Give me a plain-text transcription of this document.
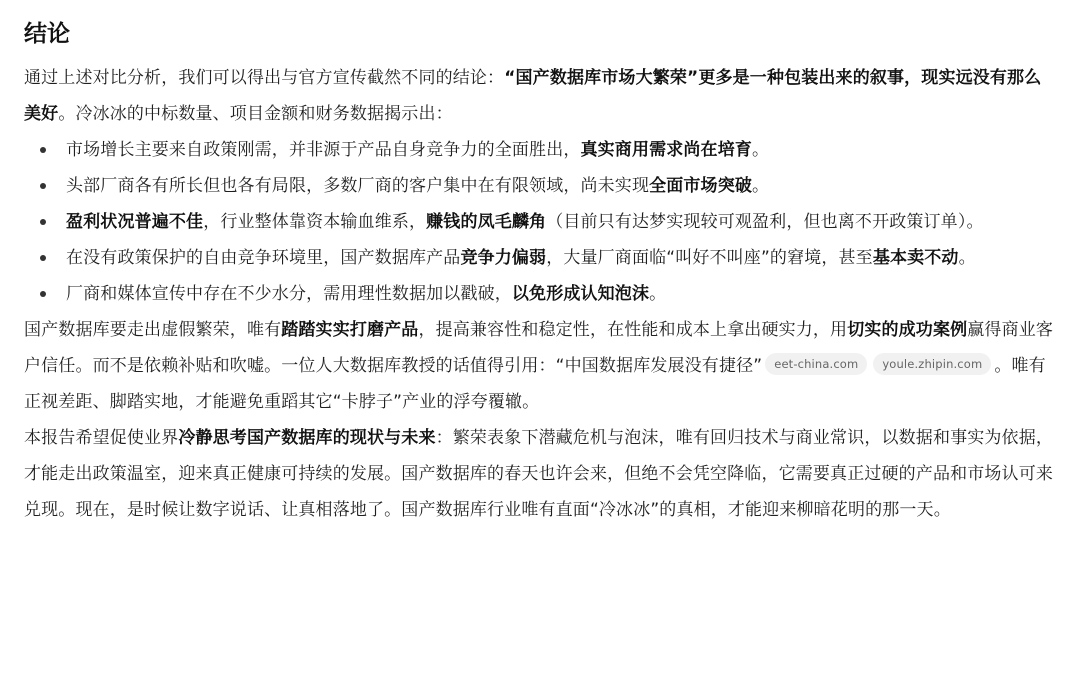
结论

通过上述对比分析，我们可以得出与官方宣传截然不同的结论：“国产数据库市场大繁荣”更多是一种包装出来的叙事，现实远没有那么美好。冷冰冰的中标数量、项目金额和财务数据揭示出：

市场增长主要来自政策刚需，并非源于产品自身竞争力的全面胜出，真实商用需求尚在培育。
头部厂商各有所长但也各有局限，多数厂商的客户集中在有限领域，尚未实现全面市场突破。
盈利状况普遍不佳，行业整体靠资本输血维系，赚钱的凤毛麟角（目前只有达梦实现较可观盈利，但也离不开政策订单）。
在没有政策保护的自由竞争环境里，国产数据库产品竞争力偏弱，大量厂商面临“叫好不叫座”的窘境，甚至基本卖不动。
厂商和媒体宣传中存在不少水分，需用理性数据加以戳破，以免形成认知泡沫。

国产数据库要走出虚假繁荣，唯有踏踏实实打磨产品，提高兼容性和稳定性，在性能和成本上拿出硬实力，用切实的成功案例赢得商业客户信任。而不是依赖补贴和吹嘘。一位人大数据库教授的话值得引用：“中国数据库发展没有捷径” eet-china.com youle.zhipin.com 。唯有正视差距、脚踏实地，才能避免重蹈其它“卡脖子”产业的浮夸覆辙。

本报告希望促使业界冷静思考国产数据库的现状与未来：繁荣表象下潜藏危机与泡沫，唯有回归技术与商业常识，以数据和事实为依据，才能走出政策温室，迎来真正健康可持续的发展。国产数据库的春天也许会来，但绝不会凭空降临，它需要真正过硬的产品和市场认可来兑现。现在，是时候让数字说话、让真相落地了。国产数据库行业唯有直面“冷冰冰”的真相，才能迎来柳暗花明的那一天。
